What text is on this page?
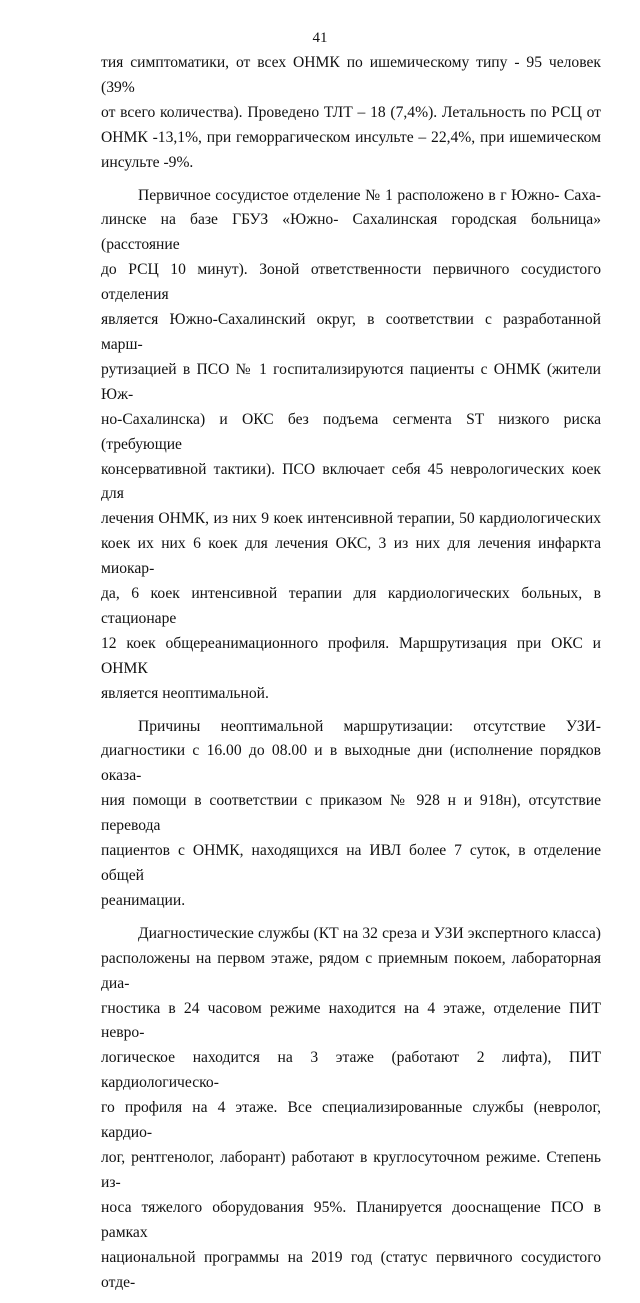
41
тия симптоматики, от всех ОНМК по ишемическому типу - 95 человек (39%
от всего количества). Проведено ТЛТ – 18 (7,4%). Летальность по РСЦ от
ОНМК -13,1%, при геморрагическом инсульте – 22,4%, при ишемическом
инсульте -9%.
Первичное сосудистое отделение № 1 расположено в г Южно- Саха-
линске на базе ГБУЗ «Южно- Сахалинская городская больница» (расстояние
до РСЦ 10 минут). Зоной ответственности первичного сосудистого отделения
является Южно-Сахалинский округ, в соответствии с разработанной марш-
рутизацией в ПСО № 1 госпитализируются пациенты с ОНМК (жители Юж-
но-Сахалинска) и ОКС без подъема сегмента ST низкого риска (требующие
консервативной тактики). ПСО включает себя 45 неврологических коек для
лечения ОНМК, из них 9 коек интенсивной терапии, 50 кардиологических
коек их них 6 коек для лечения ОКС, 3 из них для лечения инфаркта миокар-
да, 6 коек интенсивной терапии для кардиологических больных, в стационаре
12 коек общереанимационного профиля. Маршрутизация при ОКС и ОНМК
является неоптимальной.
Причины неоптимальной маршрутизации: отсутствие УЗИ-
диагностики с 16.00 до 08.00 и в выходные дни (исполнение порядков оказа-
ния помощи в соответствии с приказом № 928 н и 918н), отсутствие перевода
пациентов с ОНМК, находящихся на ИВЛ более 7 суток, в отделение общей
реанимации.
Диагностические службы (КТ на 32 среза и УЗИ экспертного класса)
расположены на первом этаже, рядом с приемным покоем, лабораторная диа-
гностика в 24 часовом режиме находится на 4 этаже, отделение ПИТ невро-
логическое находится на 3 этаже (работают 2 лифта), ПИТ кардиологическо-
го профиля на 4 этаже. Все специализированные службы (невролог, кардио-
лог, рентгенолог, лаборант) работают в круглосуточном режиме. Степень из-
носа тяжелого оборудования 95%. Планируется дооснащение ПСО в рамках
национальной программы на 2019 год (статус первичного сосудистого отде-
